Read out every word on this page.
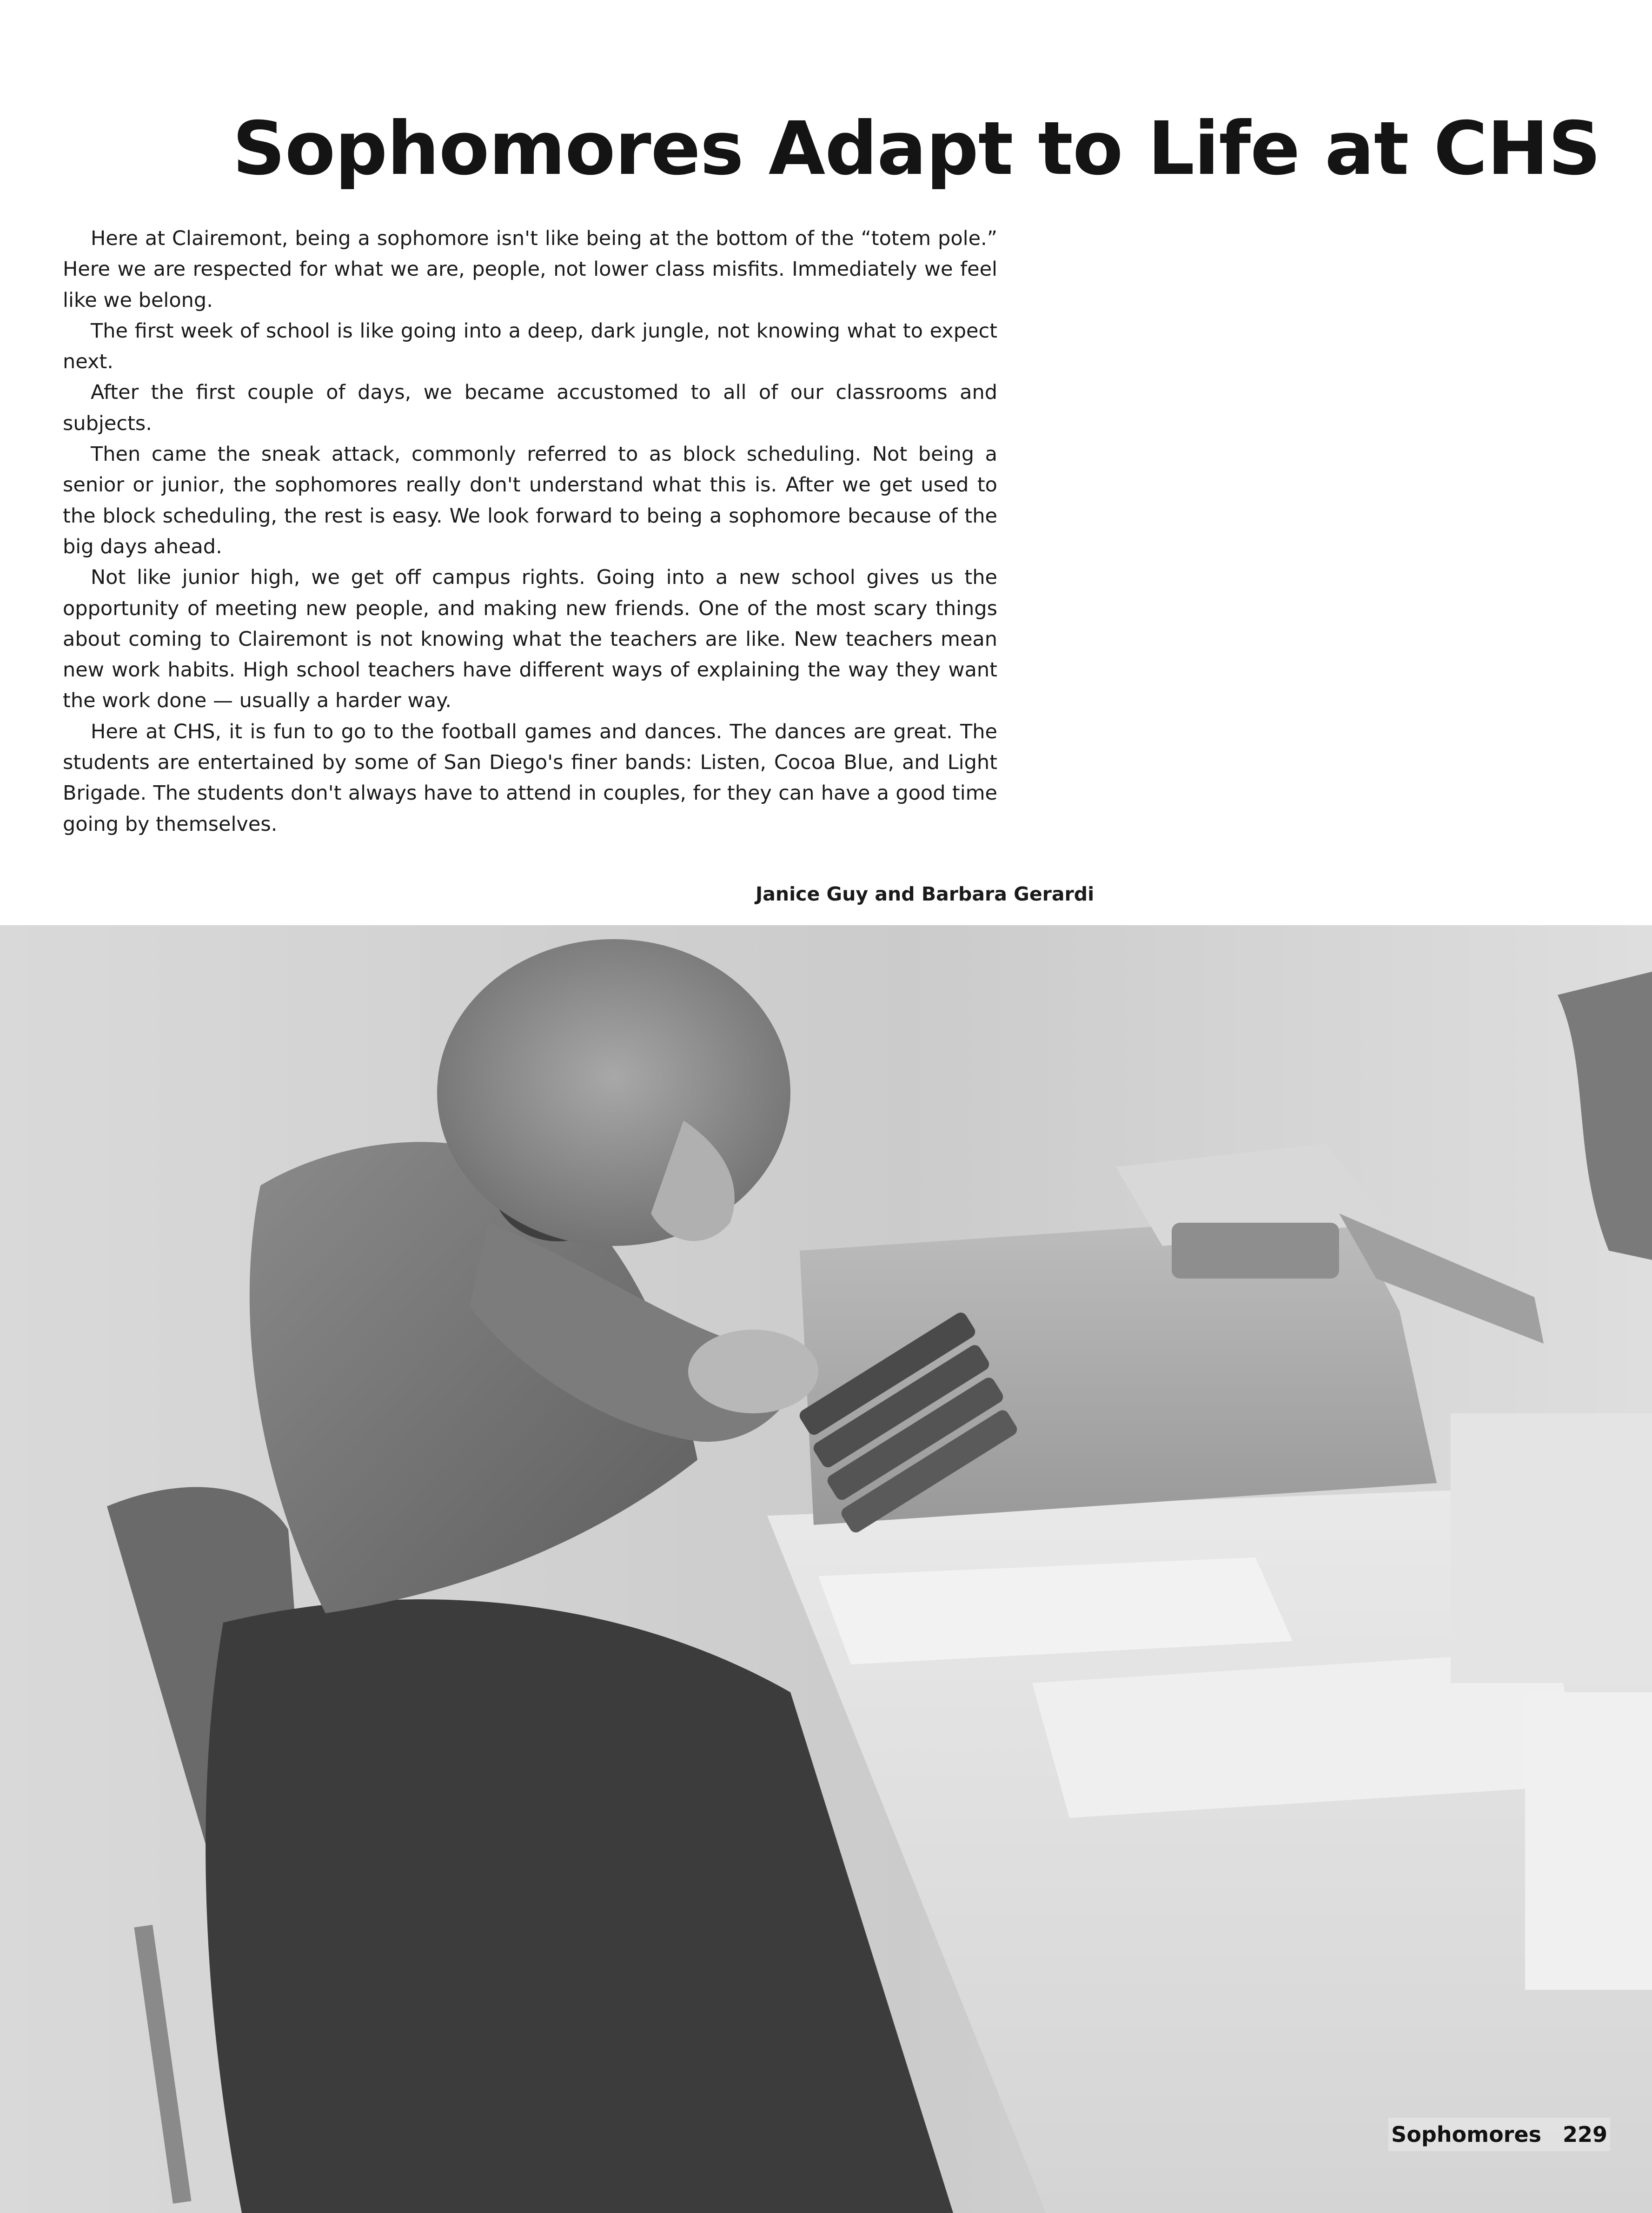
Sophomores Adapt to Life at CHS

Here at Clairemont, being a sophomore isn't like being at the bottom of the “totem pole.” Here we are respected for what we are, people, not lower class misfits. Immediately we feel like we belong.

The first week of school is like going into a deep, dark jungle, not knowing what to expect next.

After the first couple of days, we became accustomed to all of our classrooms and subjects.

Then came the sneak attack, commonly referred to as block scheduling. Not being a senior or junior, the sophomores really don't understand what this is. After we get used to the block scheduling, the rest is easy. We look forward to being a sophomore because of the big days ahead.

Not like junior high, we get off campus rights. Going into a new school gives us the opportunity of meeting new people, and making new friends. One of the most scary things about coming to Clairemont is not knowing what the teachers are like. New teachers mean new work habits. High school teachers have different ways of explaining the way they want the work done — usually a harder way.

Here at CHS, it is fun to go to the football games and dances. The dances are great. The students are entertained by some of San Diego's finer bands: Listen, Cocoa Blue, and Light Brigade. The students don't always have to attend in couples, for they can have a good time going by themselves.

Janice Guy and Barbara Gerardi
Sophomores 229
